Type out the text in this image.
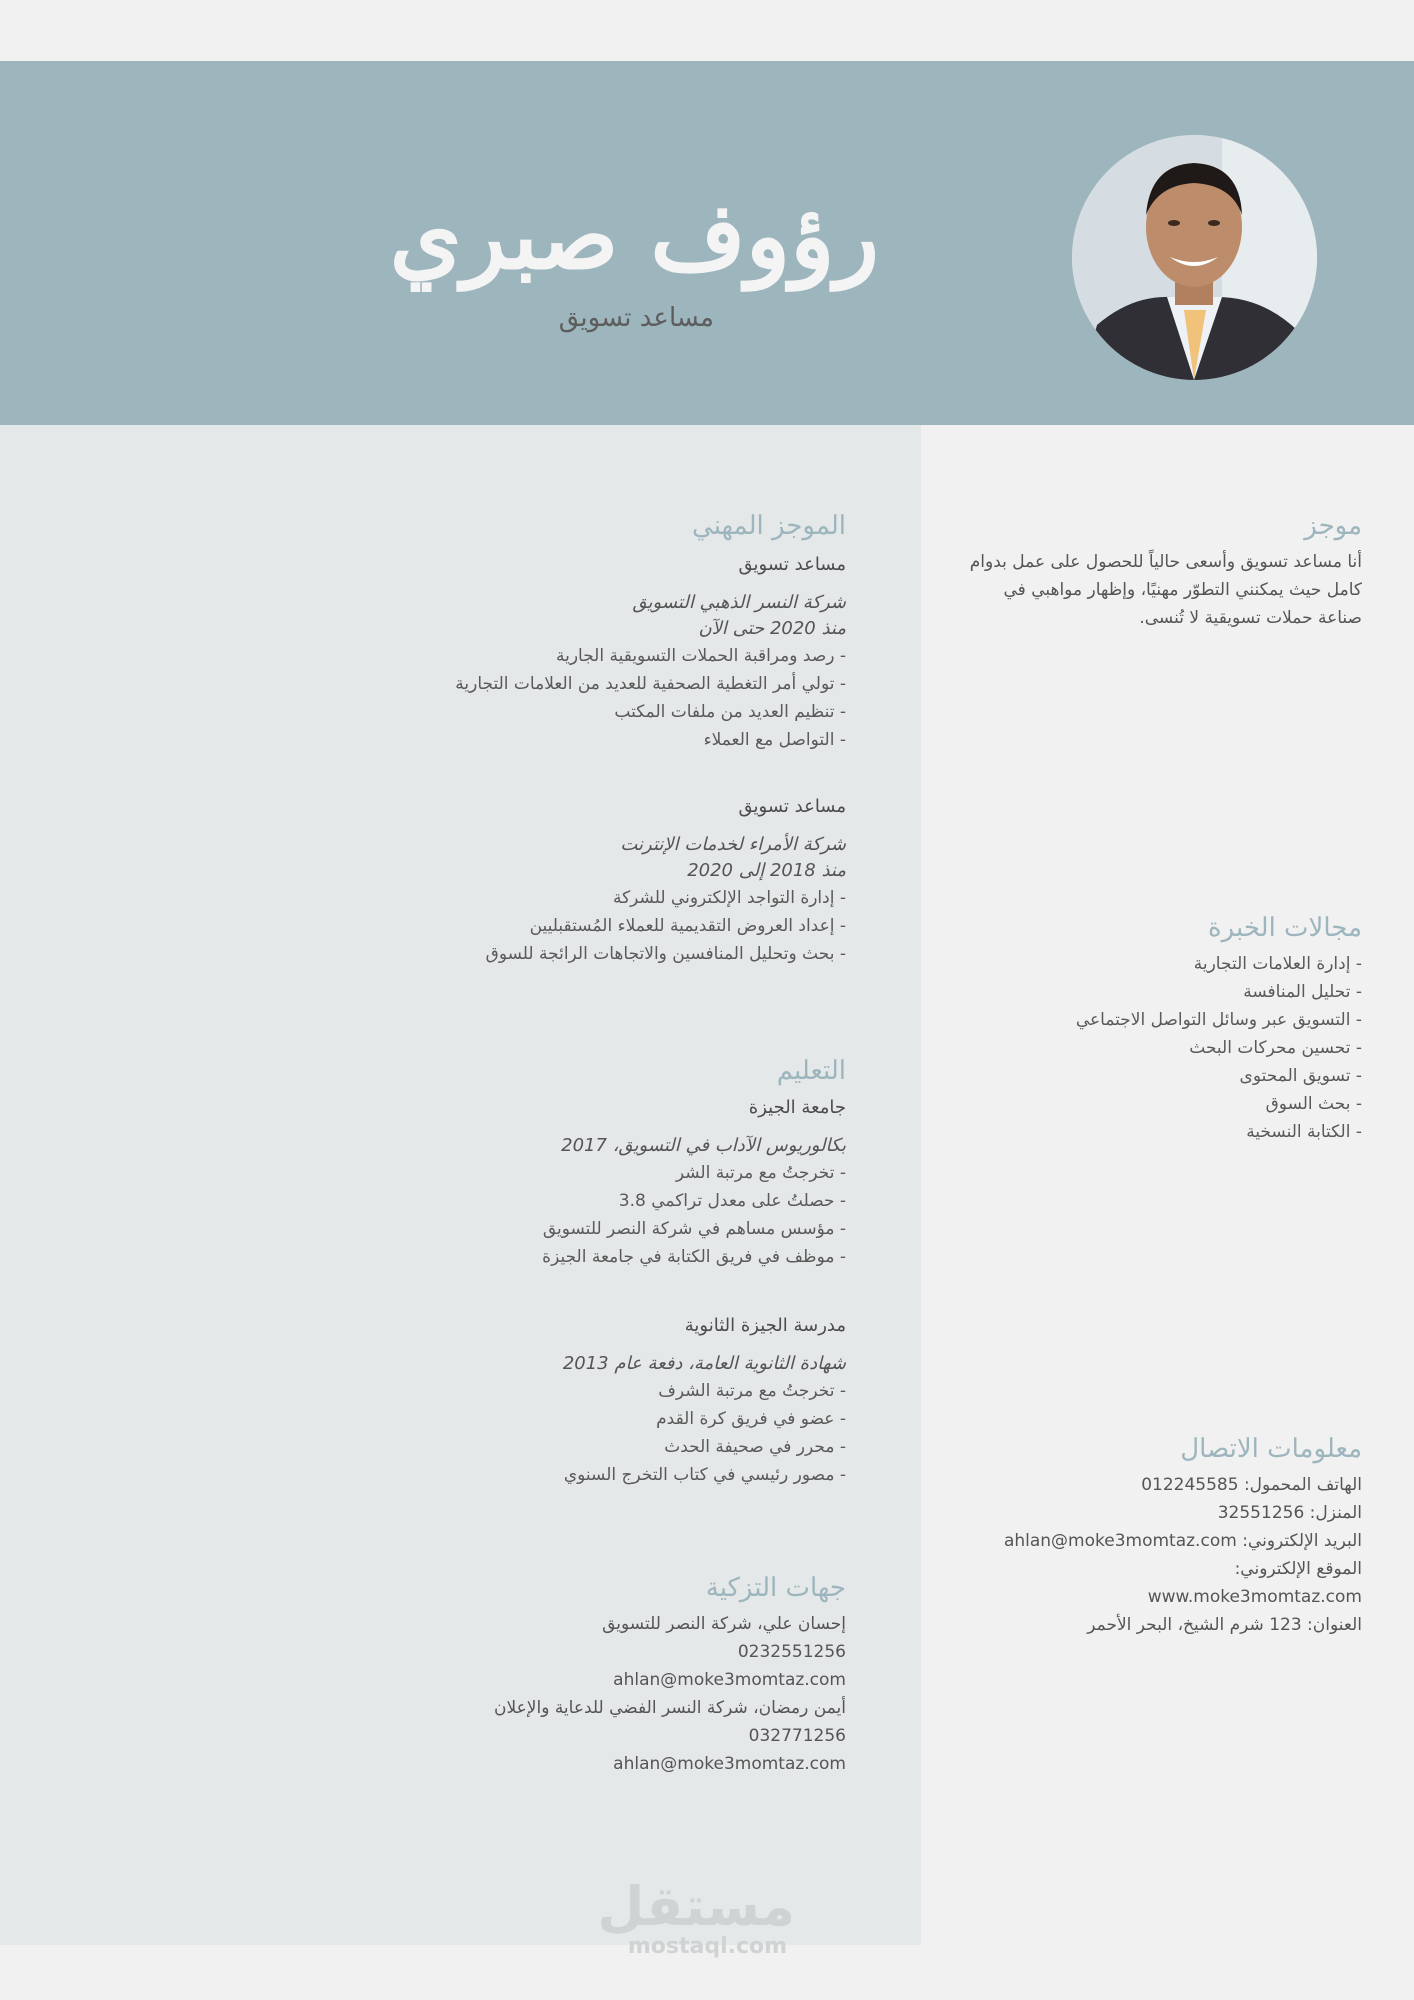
رؤوف صبري
مساعد تسويق
موجز
أنا مساعد تسويق وأسعى حالياً للحصول على عمل بدوام كامل حيث يمكنني التطوّر مهنيًا، وإظهار مواهبي في صناعة حملات تسويقية لا تُنسى.
مجالات الخبرة
- إدارة العلامات التجارية
- تحليل المنافسة
- التسويق عبر وسائل التواصل الاجتماعي
- تحسين محركات البحث
- تسويق المحتوى
- بحث السوق
- الكتابة النسخية
معلومات الاتصال
الهاتف المحمول: 012245585
المنزل: 32551256
البريد الإلكتروني: ahlan@moke3momtaz.com
الموقع الإلكتروني:
www.moke3momtaz.com
العنوان: 123 شرم الشيخ، البحر الأحمر
الموجز المهني
مساعد تسويق
شركة النسر الذهبي التسويق
منذ 2020 حتى الآن
- رصد ومراقبة الحملات التسويقية الجارية
- تولي أمر التغطية الصحفية للعديد من العلامات التجارية
- تنظيم العديد من ملفات المكتب
- التواصل مع العملاء
مساعد تسويق
شركة الأمراء لخدمات الإنترنت
منذ 2018 إلى 2020
- إدارة التواجد الإلكتروني للشركة
- إعداد العروض التقديمية للعملاء المُستقبليين
- بحث وتحليل المنافسين والاتجاهات الرائجة للسوق
التعليم
جامعة الجيزة
بكالوريوس الآداب في التسويق، 2017
- تخرجتُ مع مرتبة الشر
- حصلتُ على معدل تراكمي 3.8
- مؤسس مساهم في شركة النصر للتسويق
- موظف في فريق الكتابة في جامعة الجيزة
مدرسة الجيزة الثانوية
شهادة الثانوية العامة، دفعة عام 2013
- تخرجتُ مع مرتبة الشرف
- عضو في فريق كرة القدم
- محرر في صحيفة الحدث
- مصور رئيسي في كتاب التخرج السنوي
جهات التزكية
إحسان علي، شركة النصر للتسويق
0232551256
ahlan@moke3momtaz.com
أيمن رمضان، شركة النسر الفضي للدعاية والإعلان
032771256
ahlan@moke3momtaz.com
مستقل
mostaql.com
